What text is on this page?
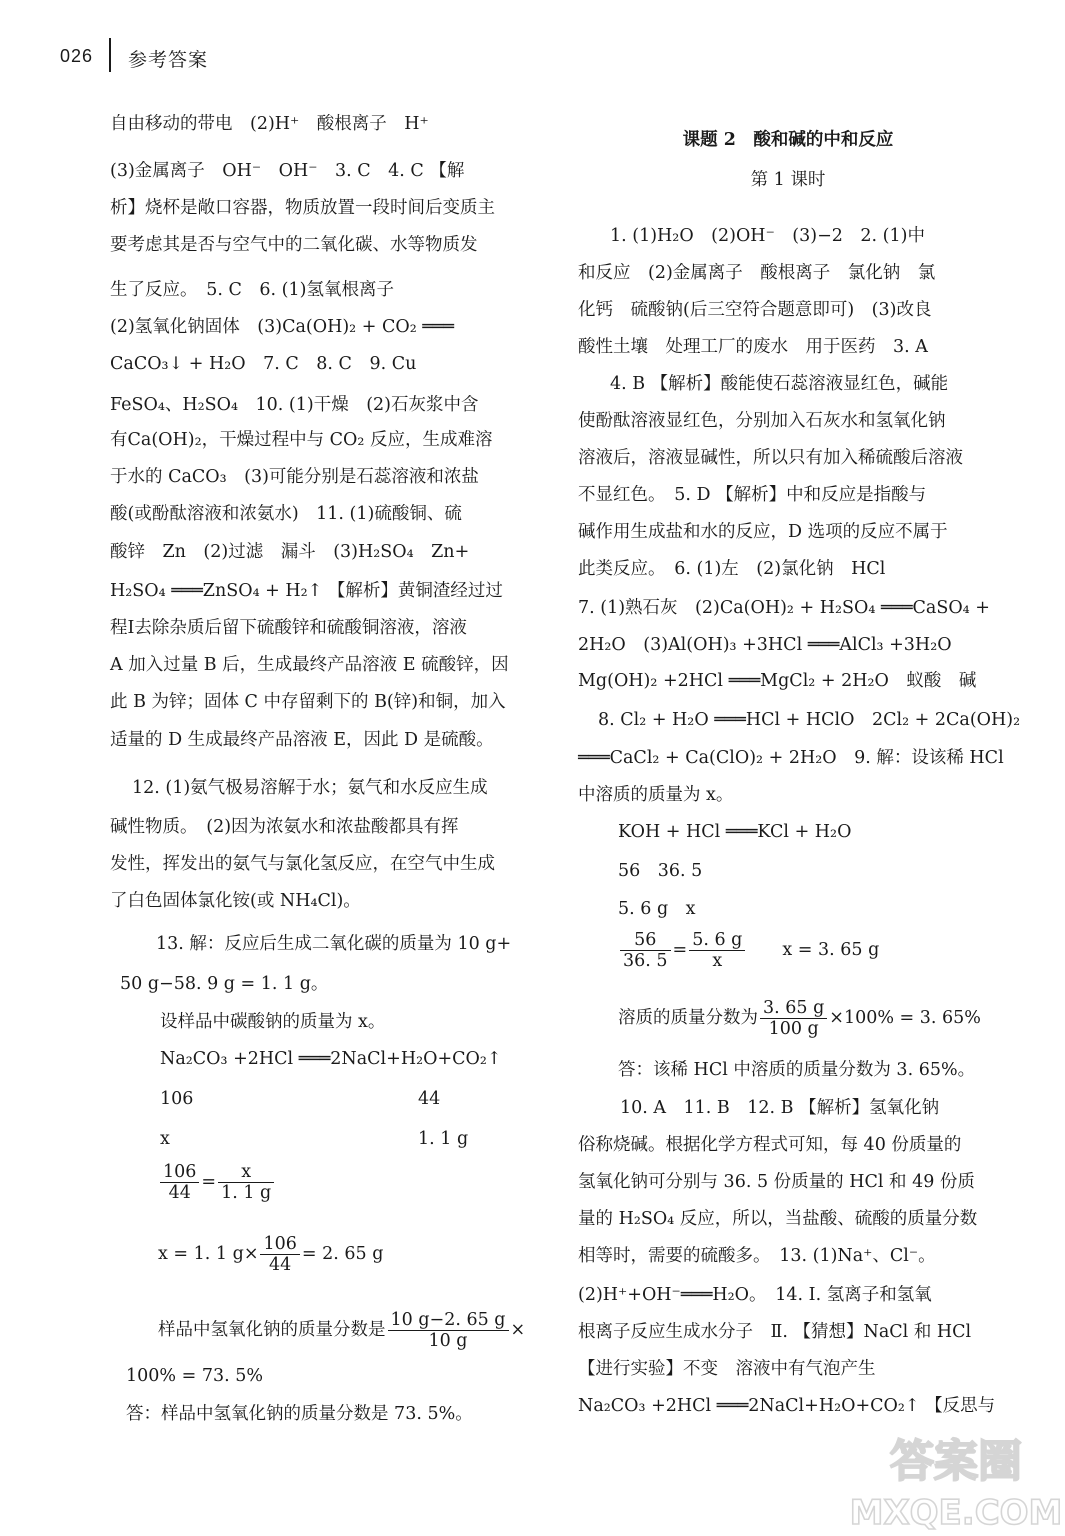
026 参考答案
自由移动的带电　(2)H⁺　酸根离子　H⁺
(3)金属离子　OH⁻　OH⁻　3. C　4. C 【解
析】烧杯是敞口容器，物质放置一段时间后变质主
要考虑其是否与空气中的二氧化碳、水等物质发
生了反应。　5. C　6. (1)氢氧根离子
(2)氢氧化钠固体　(3)Ca(OH)₂ + CO₂ ═══
CaCO₃↓ + H₂O　7. C　8. C　9. Cu
FeSO₄、H₂SO₄　10. (1)干燥　(2)石灰浆中含
有Ca(OH)₂，干燥过程中与 CO₂ 反应，生成难溶
于水的 CaCO₃　(3)可能分别是石蕊溶液和浓盐
酸(或酚酞溶液和浓氨水)　11. (1)硫酸铜、硫
酸锌　Zn　(2)过滤　漏斗　(3)H₂SO₄　Zn+
H₂SO₄ ═══ZnSO₄ + H₂↑ 【解析】黄铜渣经过过
程Ⅰ去除杂质后留下硫酸锌和硫酸铜溶液，溶液
A 加入过量 B 后，生成最终产品溶液 E 硫酸锌，因
此 B 为锌；固体 C 中存留剩下的 B(锌)和铜，加入
适量的 D 生成最终产品溶液 E，因此 D 是硫酸。
12. (1)氨气极易溶解于水；氨气和水反应生成
碱性物质。　(2)因为浓氨水和浓盐酸都具有挥
发性，挥发出的氨气与氯化氢反应，在空气中生成
了白色固体氯化铵(或 NH₄Cl)。
13. 解：反应后生成二氧化碳的质量为 10 g+
50 g−58. 9 g = 1. 1 g。
设样品中碳酸钠的质量为 x。
Na₂CO₃ +2HCl ═══2NaCl+H₂O+CO₂↑
106	44
x	1. 1 g
$\frac{106}{44} = \frac{x}{1. 1 g}$
x = 1. 1 $g\times \frac{106}{44} = 2$. 65 g
样品中氢氧化钠的质量分数是 $\frac{10 g-2. 65 g}{10 g}$ ×
100% = 73. 5%
答：样品中氢氧化钠的质量分数是 73. 5%。
课题 2　酸和碱的中和反应
第 1 课时
1. (1)H₂O　(2)OH⁻　(3)−2　2. (1)中
和反应　(2)金属离子　酸根离子　氯化钠　氯
化钙　硫酸钠(后三空符合题意即可)　(3)改良
酸性土壤　处理工厂的废水　用于医药　3. A
4. B 【解析】酸能使石蕊溶液显红色，碱能
使酚酞溶液显红色，分别加入石灰水和氢氧化钠
溶液后，溶液显碱性，所以只有加入稀硫酸后溶液
不显红色。　5. D 【解析】中和反应是指酸与
碱作用生成盐和水的反应，D 选项的反应不属于
此类反应。　6. (1)左　(2)氯化钠　HCl
7. (1)熟石灰　(2)Ca(OH)₂ + H₂SO₄ ═══CaSO₄ +
2H₂O　(3)Al(OH)₃ +3HCl ═══AlCl₃ +3H₂O
Mg(OH)₂ +2HCl ═══MgCl₂ + 2H₂O　蚁酸　碱
8. Cl₂ + H₂O ═══HCl + HClO　2Cl₂ + 2Ca(OH)₂
═══CaCl₂ + Ca(ClO)₂ + 2H₂O　9. 解：设该稀 HCl
中溶质的质量为 x。
KOH + HCl ═══KCl + H₂O
56　36. 5
5. 6 g　x
$\frac{56}{36. 5} = \frac{5. 6 g}{x}$ 　　x = 3. 65 g
溶质的质量分数为 $\frac{3. 65 g}{100 g} \times 100\% = 3$. 65%
答：该稀 HCl 中溶质的质量分数为 3. 65%。
10. A　11. B　12. B 【解析】氢氧化钠
俗称烧碱。根据化学方程式可知，每 40 份质量的
氢氧化钠可分别与 36. 5 份质量的 HCl 和 49 份质
量的 H₂SO₄ 反应，所以，当盐酸、硫酸的质量分数
相等时，需要的硫酸多。　13. (1)Na⁺、Cl⁻。
(2)H⁺+OH⁻═══H₂O。　14. Ⅰ. 氢离子和氢氧
根离子反应生成水分子　Ⅱ. 【猜想】NaCl 和 HCl
【进行实验】不变　溶液中有气泡产生
Na₂CO₃ +2HCl ═══2NaCl+H₂O+CO₂↑ 【反思与
答案圈
MXQE.COM
